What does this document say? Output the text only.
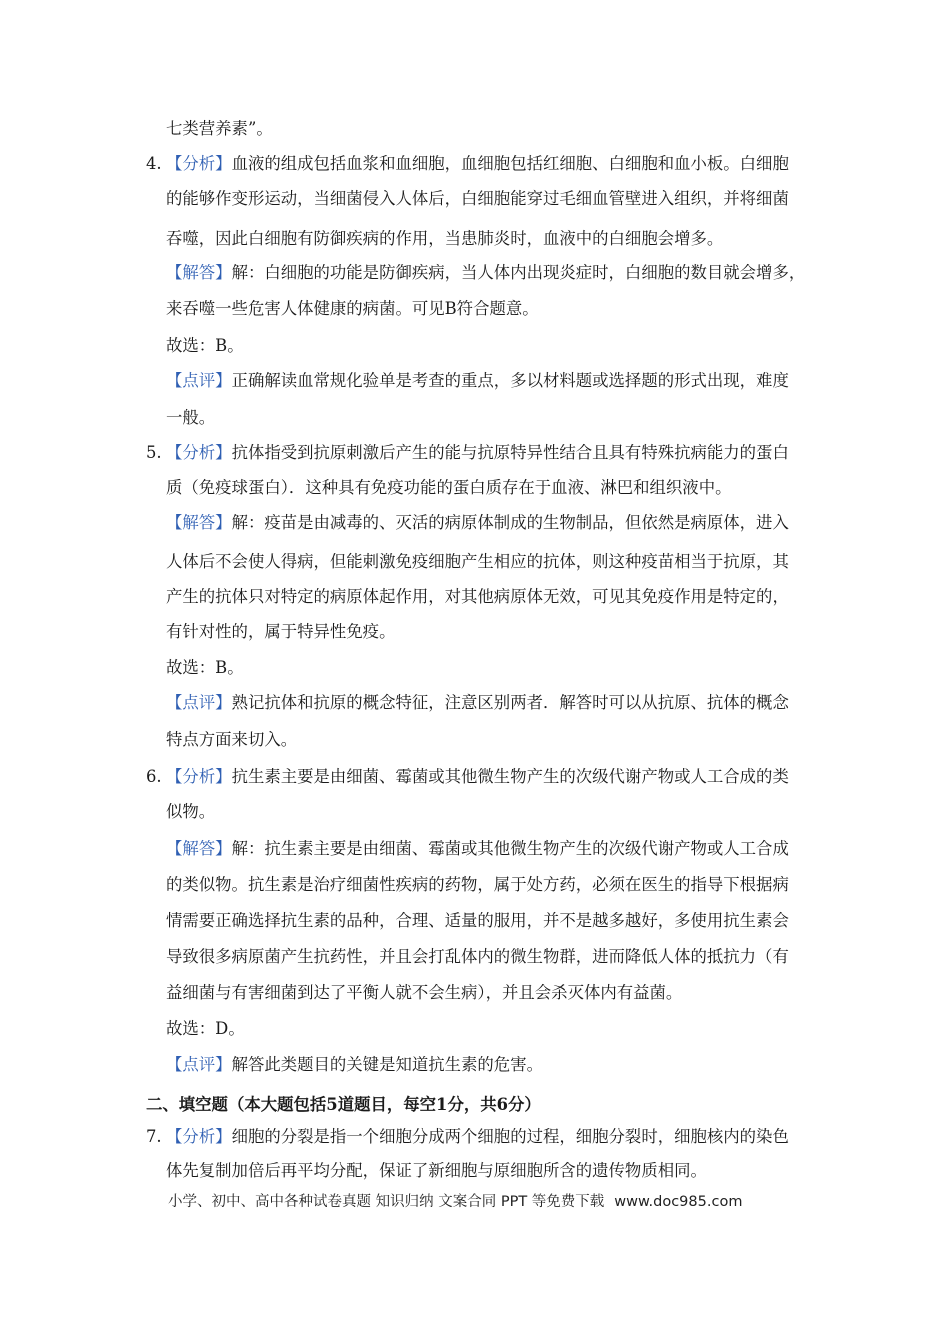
七类营养素”。
4. 【分析】血液的组成包括血浆和血细胞，血细胞包括红细胞、白细胞和血小板。白细胞
的能够作变形运动，当细菌侵入人体后，白细胞能穿过毛细血管壁进入组织，并将细菌
吞噬，因此白细胞有防御疾病的作用，当患肺炎时，血液中的白细胞会增多。
【解答】解：白细胞的功能是防御疾病，当人体内出现炎症时，白细胞的数目就会增多，
来吞噬一些危害人体健康的病菌。可见B符合题意。
故选：B。
【点评】正确解读血常规化验单是考查的重点，多以材料题或选择题的形式出现，难度
一般。
5. 【分析】抗体指受到抗原刺激后产生的能与抗原特异性结合且具有特殊抗病能力的蛋白
质（免疫球蛋白）．这种具有免疫功能的蛋白质存在于血液、淋巴和组织液中。
【解答】解：疫苗是由减毒的、灭活的病原体制成的生物制品，但依然是病原体，进入
人体后不会使人得病，但能刺激免疫细胞产生相应的抗体，则这种疫苗相当于抗原，其
产生的抗体只对特定的病原体起作用，对其他病原体无效，可见其免疫作用是特定的，
有针对性的，属于特异性免疫。
故选：B。
【点评】熟记抗体和抗原的概念特征，注意区别两者．解答时可以从抗原、抗体的概念
特点方面来切入。
6. 【分析】抗生素主要是由细菌、霉菌或其他微生物产生的次级代谢产物或人工合成的类
似物。
【解答】解：抗生素主要是由细菌、霉菌或其他微生物产生的次级代谢产物或人工合成
的类似物。抗生素是治疗细菌性疾病的药物，属于处方药，必须在医生的指导下根据病
情需要正确选择抗生素的品种，合理、适量的服用，并不是越多越好，多使用抗生素会
导致很多病原菌产生抗药性，并且会打乱体内的微生物群，进而降低人体的抵抗力（有
益细菌与有害细菌到达了平衡人就不会生病），并且会杀灭体内有益菌。
故选：D。
【点评】解答此类题目的关键是知道抗生素的危害。
二、填空题（本大题包括5道题目，每空1分，共6分）
7. 【分析】细胞的分裂是指一个细胞分成两个细胞的过程，细胞分裂时，细胞核内的染色
体先复制加倍后再平均分配，保证了新细胞与原细胞所含的遗传物质相同。
小学、初中、高中各种试卷真题 知识归纳 文案合同 PPT 等免费下载 www.doc985.com
